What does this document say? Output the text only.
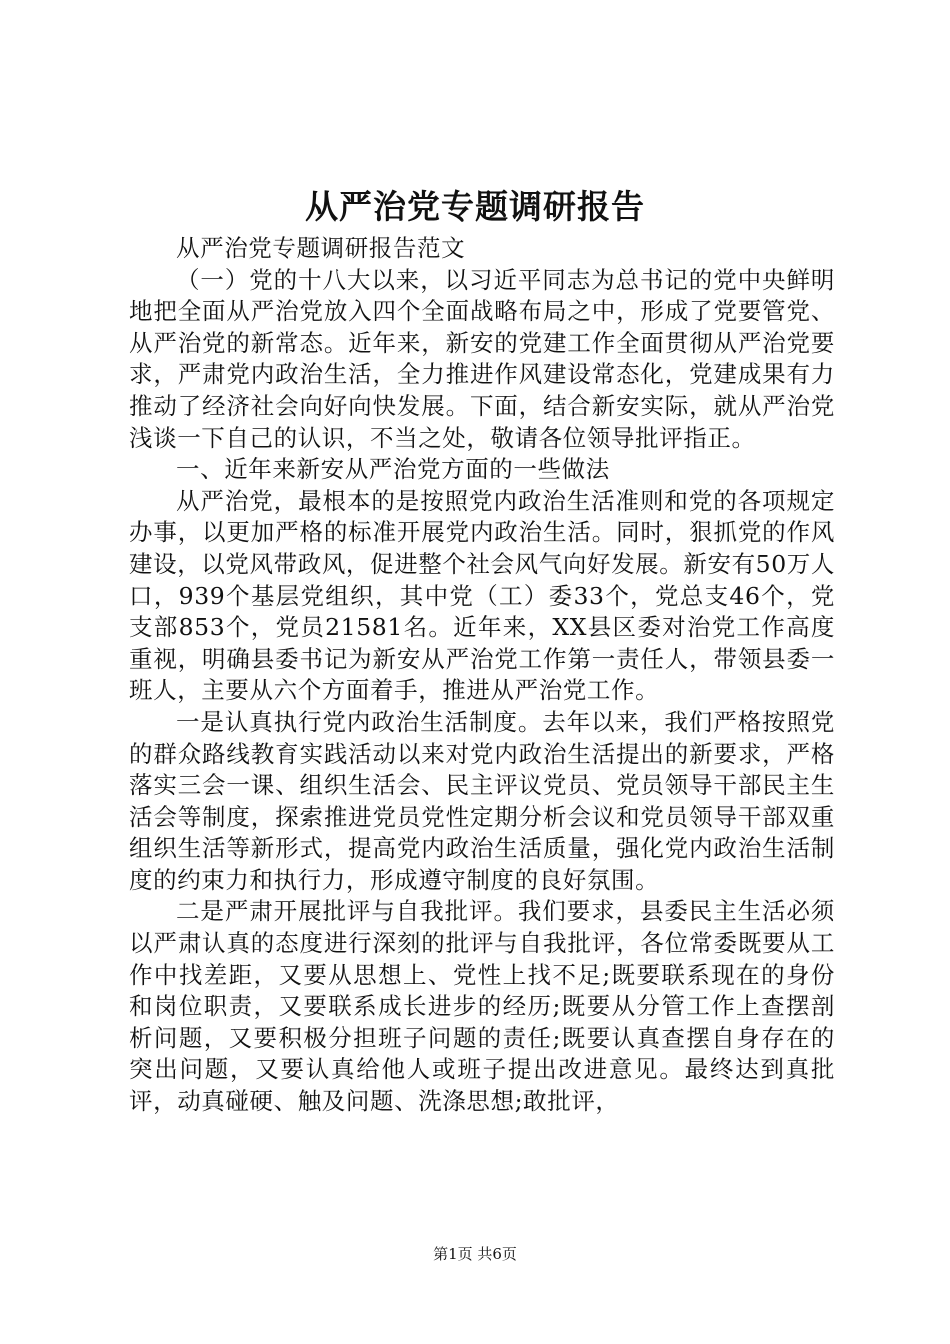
从严治党专题调研报告

从严治党专题调研报告范文

（一）党的十八大以来，以习近平同志为总书记的党中央鲜明地把全面从严治党放入四个全面战略布局之中，形成了党要管党、从严治党的新常态。近年来，新安的党建工作全面贯彻从严治党要求，严肃党内政治生活，全力推进作风建设常态化，党建成果有力推动了经济社会向好向快发展。下面，结合新安实际，就从严治党浅谈一下自己的认识，不当之处，敬请各位领导批评指正。

一、近年来新安从严治党方面的一些做法

从严治党，最根本的是按照党内政治生活准则和党的各项规定办事，以更加严格的标准开展党内政治生活。同时，狠抓党的作风建设，以党风带政风，促进整个社会风气向好发展。新安有50万人口，939个基层党组织，其中党（工）委33个，党总支46个，党支部853个，党员21581名。近年来，XX县区委对治党工作高度重视，明确县委书记为新安从严治党工作第一责任人，带领县委一班人，主要从六个方面着手，推进从严治党工作。

一是认真执行党内政治生活制度。去年以来，我们严格按照党的群众路线教育实践活动以来对党内政治生活提出的新要求，严格落实三会一课、组织生活会、民主评议党员、党员领导干部民主生活会等制度，探索推进党员党性定期分析会议和党员领导干部双重组织生活等新形式，提高党内政治生活质量，强化党内政治生活制度的约束力和执行力，形成遵守制度的良好氛围。

二是严肃开展批评与自我批评。我们要求，县委民主生活必须以严肃认真的态度进行深刻的批评与自我批评，各位常委既要从工作中找差距，又要从思想上、党性上找不足;既要联系现在的身份和岗位职责，又要联系成长进步的经历;既要从分管工作上查摆剖析问题，又要积极分担班子问题的责任;既要认真查摆自身存在的突出问题，又要认真给他人或班子提出改进意见。最终达到真批评，动真碰硬、触及问题、洗涤思想;敢批评，

第1页 共6页
